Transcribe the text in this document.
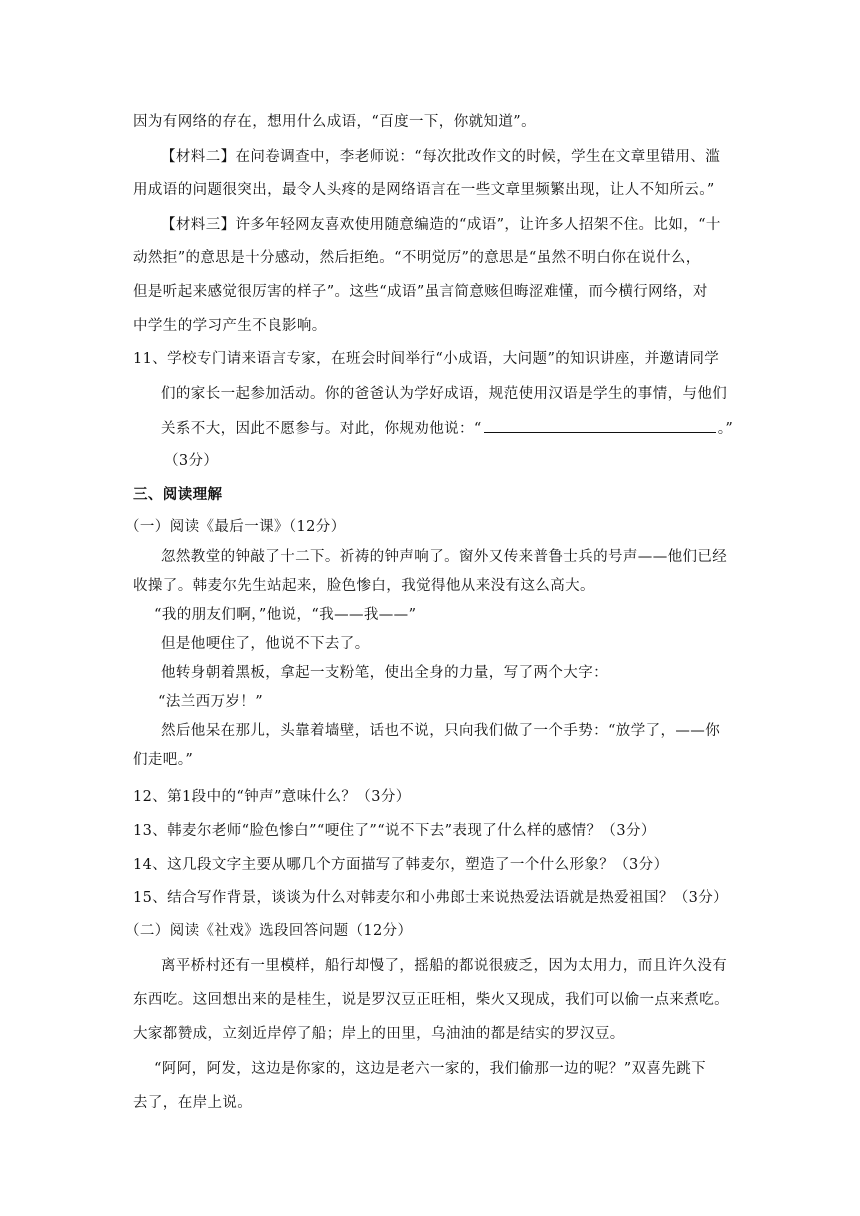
因为有网络的存在，想用什么成语，“百度一下，你就知道”。
【材料二】在问卷调查中，李老师说：“每次批改作文的时候，学生在文章里错用、滥
用成语的问题很突出，最令人头疼的是网络语言在一些文章里频繁出现，让人不知所云。”
【材料三】许多年轻网友喜欢使用随意编造的“成语”，让许多人招架不住。比如，“十
动然拒”的意思是十分感动，然后拒绝。“不明觉厉”的意思是“虽然不明白你在说什么，
但是听起来感觉很厉害的样子”。这些“成语”虽言简意赅但晦涩难懂，而今横行网络，对
中学生的学习产生不良影响。
11、学校专门请来语言专家，在班会时间举行“小成语，大问题”的知识讲座，并邀请同学
们的家长一起参加活动。你的爸爸认为学好成语，规范使用汉语是学生的事情，与他们
关系不大，因此不愿参与。对此，你规劝他说：“	。”
（3分）
三、阅读理解
（一）阅读《最后一课》（12分）
忽然教堂的钟敲了十二下。祈祷的钟声响了。窗外又传来普鲁士兵的号声——他们已经
收操了。韩麦尔先生站起来，脸色惨白，我觉得他从来没有这么高大。
“我的朋友们啊，”他说，“我——我——”
但是他哽住了，他说不下去了。
他转身朝着黑板，拿起一支粉笔，使出全身的力量，写了两个大字：
“法兰西万岁！”
然后他呆在那儿，头靠着墙壁，话也不说，只向我们做了一个手势：“放学了，——你
们走吧。”
12、第1段中的“钟声”意味什么？（3分）
13、韩麦尔老师“脸色惨白”“哽住了”“说不下去”表现了什么样的感情？（3分）
14、这几段文字主要从哪几个方面描写了韩麦尔，塑造了一个什么形象？（3分）
15、结合写作背景，谈谈为什么对韩麦尔和小弗郎士来说热爱法语就是热爱祖国？（3分）
（二）阅读《社戏》选段回答问题（12分）
离平桥村还有一里模样，船行却慢了，摇船的都说很疲乏，因为太用力，而且许久没有
东西吃。这回想出来的是桂生，说是罗汉豆正旺相，柴火又现成，我们可以偷一点来煮吃。
大家都赞成，立刻近岸停了船；岸上的田里，乌油油的都是结实的罗汉豆。
“阿阿，阿发，这边是你家的，这边是老六一家的，我们偷那一边的呢？”双喜先跳下
去了，在岸上说。
